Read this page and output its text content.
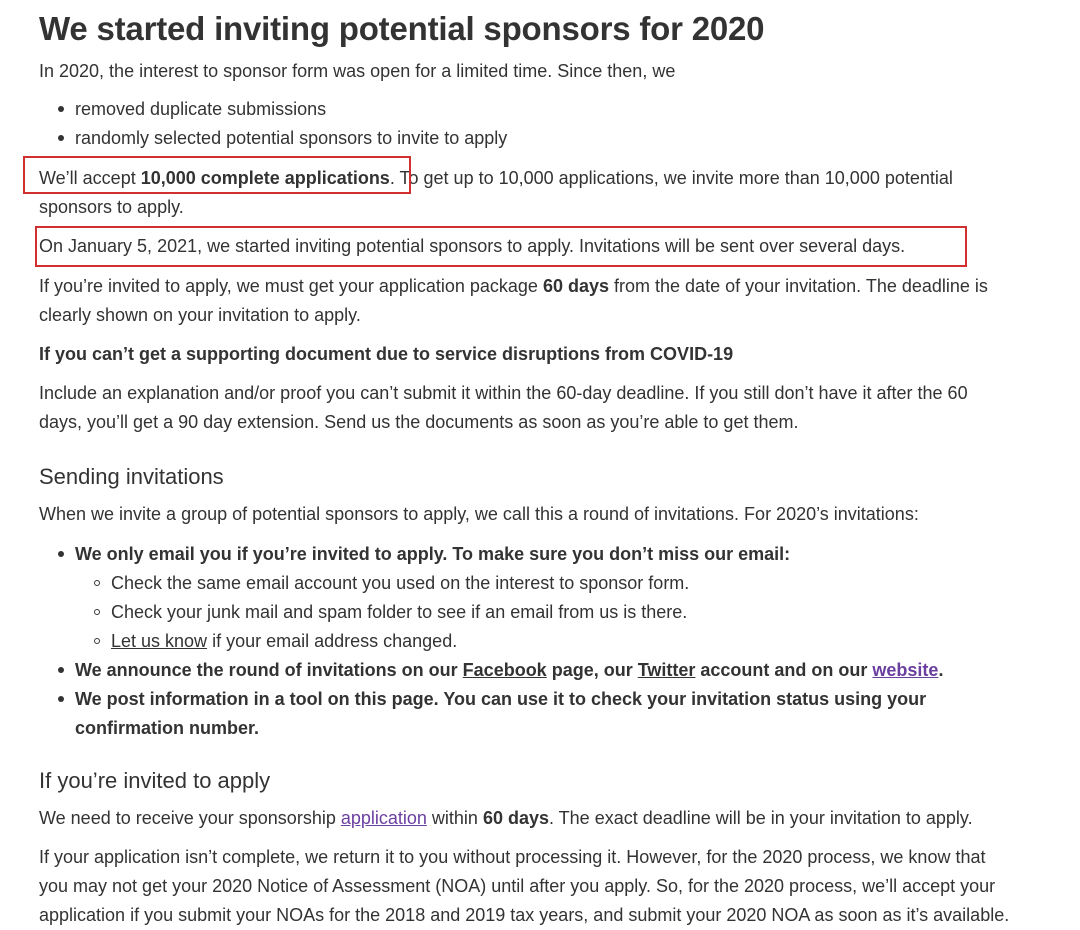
We started inviting potential sponsors for 2020

In 2020, the interest to sponsor form was open for a limited time. Since then, we

removed duplicate submissions

randomly selected potential sponsors to invite to apply

We’ll accept 10,000 complete applications. To get up to 10,000 applications, we invite more than 10,000 potential

sponsors to apply.

On January 5, 2021, we started inviting potential sponsors to apply. Invitations will be sent over several days.

If you’re invited to apply, we must get your application package 60 days from the date of your invitation. The deadline is

clearly shown on your invitation to apply.

If you can’t get a supporting document due to service disruptions from COVID-19

Include an explanation and/or proof you can’t submit it within the 60-day deadline. If you still don’t have it after the 60

days, you’ll get a 90 day extension. Send us the documents as soon as you’re able to get them.

Sending invitations

When we invite a group of potential sponsors to apply, we call this a round of invitations. For 2020’s invitations:

We only email you if you’re invited to apply. To make sure you don’t miss our email:

Check the same email account you used on the interest to sponsor form.

Check your junk mail and spam folder to see if an email from us is there.

Let us know if your email address changed.

We announce the round of invitations on our Facebook page, our Twitter account and on our website.

We post information in a tool on this page. You can use it to check your invitation status using your

confirmation number.

If you’re invited to apply

We need to receive your sponsorship application within 60 days. The exact deadline will be in your invitation to apply.

If your application isn’t complete, we return it to you without processing it. However, for the 2020 process, we know that

you may not get your 2020 Notice of Assessment (NOA) until after you apply. So, for the 2020 process, we’ll accept your

application if you submit your NOAs for the 2018 and 2019 tax years, and submit your 2020 NOA as soon as it’s available.
